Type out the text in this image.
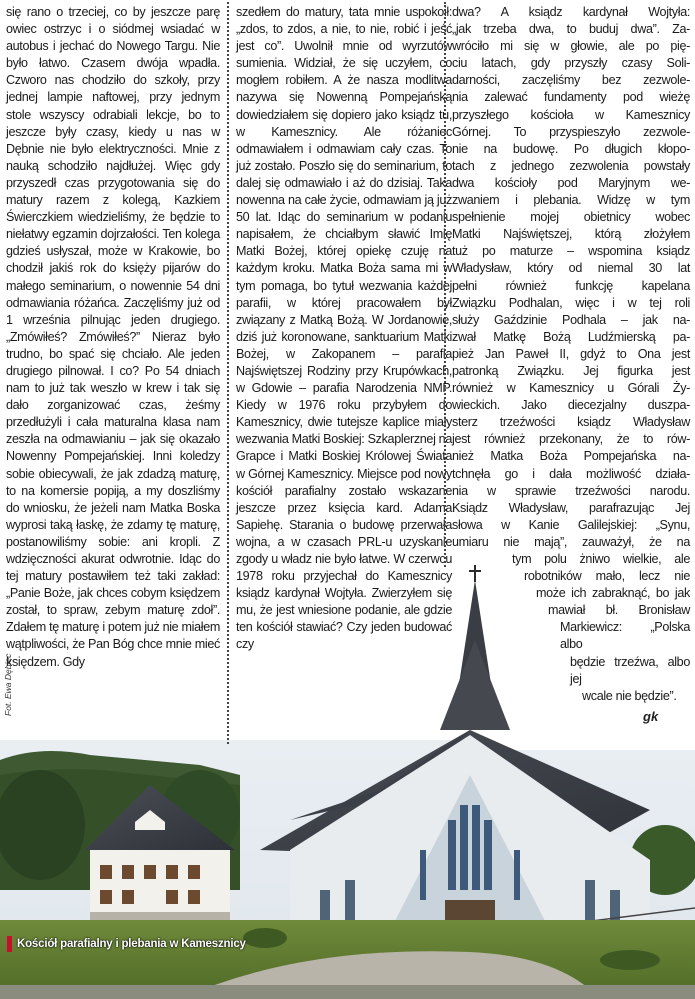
się rano o trzeciej, co by jeszcze parę owiec ostrzyc i o siódmej wsiadać w autobus i jechać do Nowego Targu. Nie było łatwo. Czasem dwója wpadła. Czworo nas chodziło do szkoły, przy jednej lampie naftowej, przy jednym stole wszyscy odrabiali lekcje, bo to jeszcze były czasy, kiedy u nas w Dębnie nie było elektryczności. Mnie z nauką schodziło najdłużej. Więc gdy przyszedł czas przygotowania się do matury razem z kolegą, Kazkiem Świerczkiem wiedzieliśmy, że będzie to niełatwy egzamin dojrzałości. Ten kolega gdzieś usłyszał, może w Krakowie, bo chodził jakiś rok do księży pijarów do małego seminarium, o nowennie 54 dni odmawiania różańca. Zaczęliśmy już od 1 września pilnując jeden drugiego. „Zmówiłeś? Zmówiłeś?” Nieraz było trudno, bo spać się chciało. Ale jeden drugiego pilnował. I co? Po 54 dniach nam to już tak weszło w krew i tak się dało zorganizować czas, żeśmy przedłużyli i cała maturalna klasa nam zeszła na odmawianiu – jak się okazało Nowenny Pompejańskiej. Inni koledzy sobie obiecywali, że jak zdadzą maturę, to na komersie popiją, a my doszliśmy do wniosku, że jeżeli nam Matka Boska wyprosi taką łaskę, że zdamy tę maturę, postanowiliśmy sobie: ani kropli. Z wdzięczności akurat odwrotnie. Idąc do tej matury postawiłem też taki zakład: „Panie Boże, jak chces cobym księdzem został, to spraw, zebym maturę zdoł”. Zdałem tę maturę i potem już nie miałem wątpliwości, że Pan Bóg chce mnie mieć księdzem. Gdy

szedłem do matury, tata mnie uspokoił: „zdos, to zdos, a nie, to nie, robić i jeść jest co”. Uwolnił mnie od wyrzutów sumienia. Widział, że się uczyłem, co mogłem robiłem. A że nasza modlitwa nazywa się Nowenną Pompejańską dowiedziałem się dopiero jako ksiądz tu, w Kamesznicy. Ale różaniec odmawiałem i odmawiam cały czas. To już zostało. Poszło się do seminarium, to dalej się odmawiało i aż do dzisiaj. Taka nowenna na całe życie, odmawiam ją już 50 lat. Idąc do seminarium w podaniu napisałem, że chciałbym sławić Imię Matki Bożej, której opiekę czuję na każdym kroku. Matka Boża sama mi w tym pomaga, bo tytuł wezwania każdej parafii, w której pracowałem był związany z Matką Bożą. W Jordanowie, dziś już koronowane, sanktuarium Matki Bożej, w Zakopanem – parafia Najświętszej Rodziny przy Krupówkach, w Gdowie – parafia Narodzenia NMP. Kiedy w 1976 roku przybyłem do Kamesznicy, dwie tutejsze kaplice miały wezwania Matki Boskiej: Szkaplerznej na Grapce i Matki Boskiej Królowej Świata w Górnej Kamesznicy. Miejsce pod nowy kościół parafialny zostało wskazane jeszcze przez księcia kard. Adama Sapiehę. Starania o budowę przerwała wojna, a w czasach PRL-u uzyskanie zgody u władz nie było łatwe. W czerwcu 1978 roku przyjechał do Kamesznicy ksiądz kardynał Wojtyła. Zwierzyłem się mu, że jest wniesione podanie, ale gdzie ten kościół stawiać? Czy jeden budować czy

dwa? A ksiądz kardynał Wojtyła:
„jak trzeba dwa, to buduj dwa”. Za-
wróciło mi się w głowie, ale po pię-
ciu latach, gdy przyszły czasy Soli-
darności, zaczęliśmy bez zezwole-
nia zalewać fundamenty pod wieżę
przyszłego kościoła w Kamesznicy
Górnej. To przyspieszyło zezwole-
nie na budowę. Po długich kłopo-
tach z jednego zezwolenia powstały
dwa kościoły pod Maryjnym we-
zwaniem i plebania. Widzę w tym
spełnienie mojej obietnicy wobec
Matki Najświętszej, którą złożyłem
tuż po maturze – wspomina ksiądz
Władysław, który od niemal 30 lat
pełni również funkcję kapelana
Związku Podhalan, więc i w tej roli
służy Gaździnie Podhala – jak na-
zwał Matkę Bożą Ludźmierską pa-
pież Jan Paweł II, gdyż to Ona jest
patronką Związku. Jej figurka jest
również w Kamesznicy u Górali Ży-
wieckich. Jako diecezjalny duszpa-
sterz trzeźwości ksiądz Władysław
jest również przekonany, że to rów-
nież Matka Boża Pompejańska na-
tchnęła go i dała możliwość działa-
nia w sprawie trzeźwości narodu.
Ksiądz Władysław, parafrazując Jej
słowa w Kanie Galilejskiej: „Synu,
umiaru nie mają”, zauważył, że na
tym polu żniwo wielkie, ale
robotników mało, lecz nie
może ich zabraknąć, bo jak
mawiał bł. Bronisław
Markiewicz: „Polska albo
będzie trzeźwa, albo jej
wcale nie będzie”.
gk
Fot. Ewa Dębiec
Kościół parafialny i plebania w Kamesznicy
